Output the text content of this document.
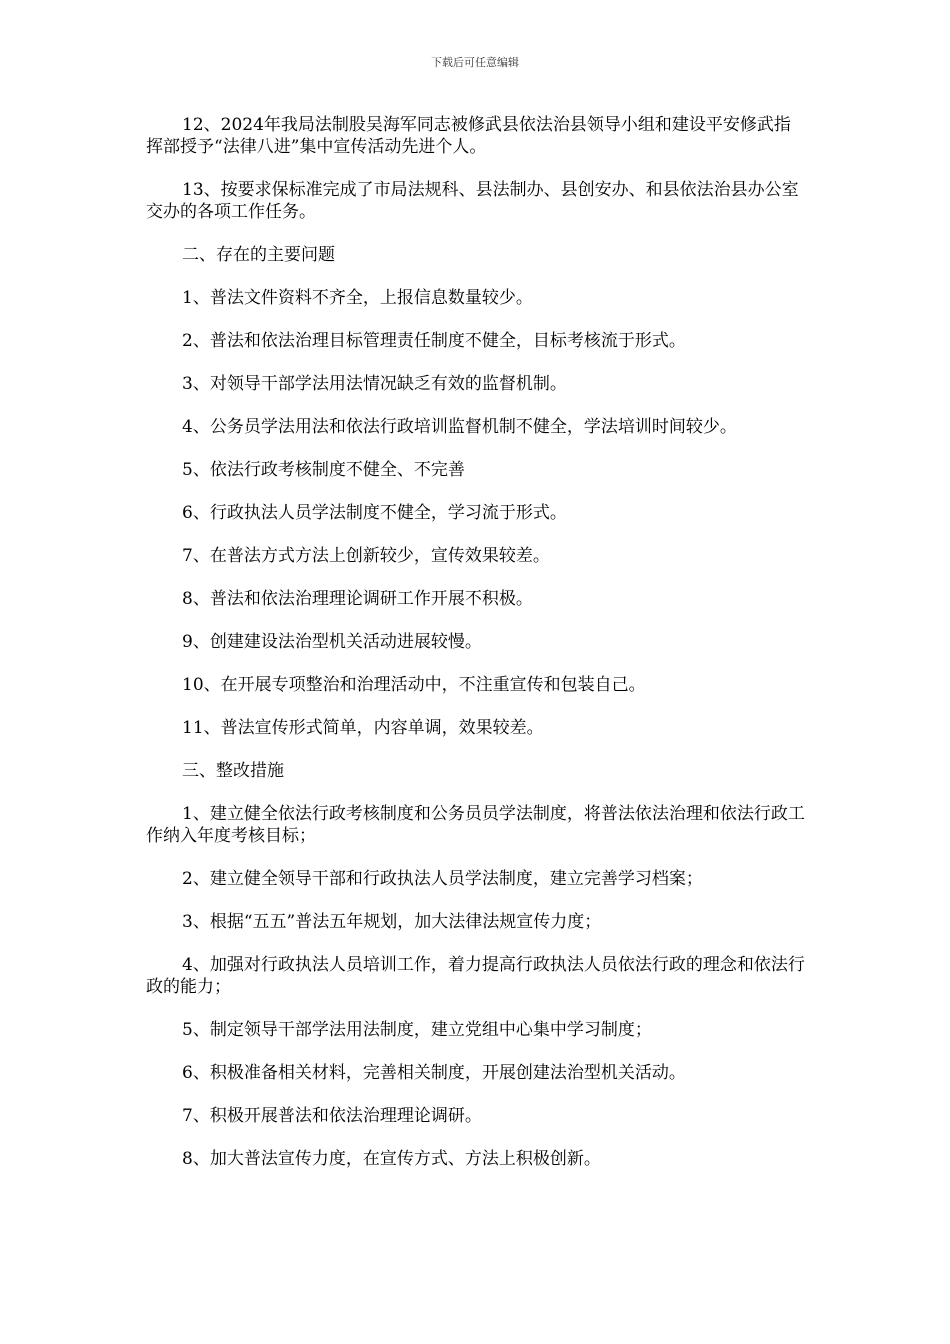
下载后可任意编辑

12、2024年我局法制股吴海军同志被修武县依法治县领导小组和建设平安修武指挥部授予“法律八进”集中宣传活动先进个人。

13、按要求保标准完成了市局法规科、县法制办、县创安办、和县依法治县办公室交办的各项工作任务。

二、存在的主要问题

1、普法文件资料不齐全，上报信息数量较少。

2、普法和依法治理目标管理责任制度不健全，目标考核流于形式。

3、对领导干部学法用法情况缺乏有效的监督机制。

4、公务员学法用法和依法行政培训监督机制不健全，学法培训时间较少。

5、依法行政考核制度不健全、不完善

6、行政执法人员学法制度不健全，学习流于形式。

7、在普法方式方法上创新较少，宣传效果较差。

8、普法和依法治理理论调研工作开展不积极。

9、创建建设法治型机关活动进展较慢。

10、在开展专项整治和治理活动中，不注重宣传和包装自己。

11、普法宣传形式简单，内容单调，效果较差。

三、整改措施

1、建立健全依法行政考核制度和公务员员学法制度，将普法依法治理和依法行政工作纳入年度考核目标；

2、建立健全领导干部和行政执法人员学法制度，建立完善学习档案；

3、根据“五五”普法五年规划，加大法律法规宣传力度；

4、加强对行政执法人员培训工作，着力提高行政执法人员依法行政的理念和依法行政的能力；

5、制定领导干部学法用法制度，建立党组中心集中学习制度；

6、积极准备相关材料，完善相关制度，开展创建法治型机关活动。

7、积极开展普法和依法治理理论调研。

8、加大普法宣传力度，在宣传方式、方法上积极创新。
